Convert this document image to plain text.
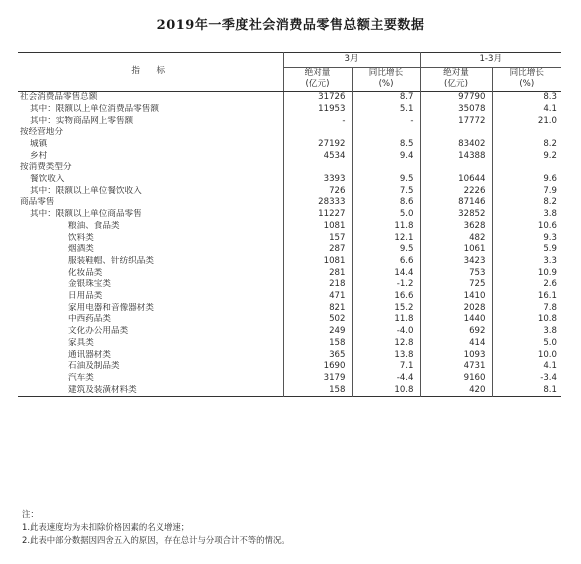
2019年一季度社会消费品零售总额主要数据
指　标	3月		1-3月	
	绝对量	同比增长	绝对量	同比增长
	(亿元)	(%)	(亿元)	(%)
社会消费品零售总额	31726	8.7	97790	8.3
其中：限额以上单位消费品零售额	11953	5.1	35078	4.1
其中：实物商品网上零售额	-	-	17772	21.0
按经营地分				
城镇	27192	8.5	83402	8.2
乡村	4534	9.4	14388	9.2
按消费类型分				
餐饮收入	3393	9.5	10644	9.6
其中：限额以上单位餐饮收入	726	7.5	2226	7.9
商品零售	28333	8.6	87146	8.2
其中：限额以上单位商品零售	11227	5.0	32852	3.8
粮油、食品类	1081	11.8	3628	10.6
饮料类	157	12.1	482	9.3
烟酒类	287	9.5	1061	5.9
服装鞋帽、针纺织品类	1081	6.6	3423	3.3
化妆品类	281	14.4	753	10.9
金银珠宝类	218	-1.2	725	2.6
日用品类	471	16.6	1410	16.1
家用电器和音像器材类	821	15.2	2028	7.8
中西药品类	502	11.8	1440	10.8
文化办公用品类	249	-4.0	692	3.8
家具类	158	12.8	414	5.0
通讯器材类	365	13.8	1093	10.0
石油及制品类	1690	7.1	4731	4.1
汽车类	3179	-4.4	9160	-3.4
建筑及装潢材料类	158	10.8	420	8.1
注：
1.此表速度均为未扣除价格因素的名义增速；
2.此表中部分数据因四舍五入的原因，存在总计与分项合计不等的情况。
